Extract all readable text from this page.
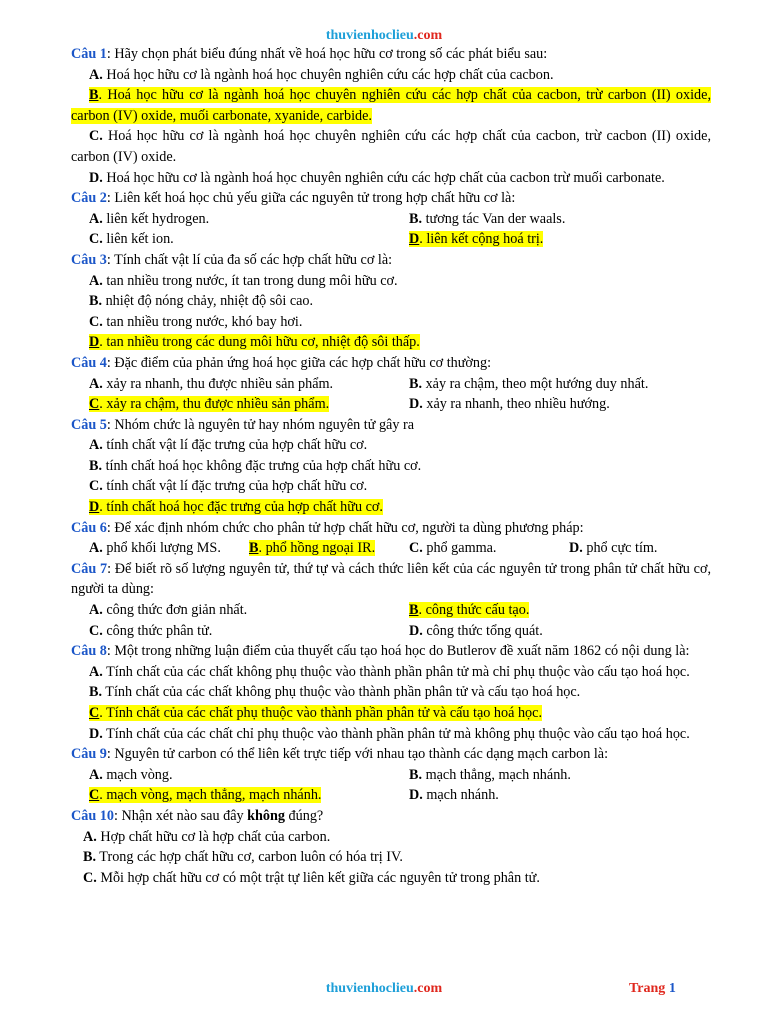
thuvienhoclieu.com

Câu 1: Hãy chọn phát biểu đúng nhất về hoá học hữu cơ trong số các phát biểu sau:

A. Hoá học hữu cơ là ngành hoá học chuyên nghiên cứu các hợp chất của cacbon.

B. Hoá học hữu cơ là ngành hoá học chuyên nghiên cứu các hợp chất của cacbon, trừ carbon (II) oxide, carbon (IV) oxide, muối carbonate, xyanide, carbide.

C. Hoá học hữu cơ là ngành hoá học chuyên nghiên cứu các hợp chất của cacbon, trừ cacbon (II) oxide, carbon (IV) oxide.

D. Hoá học hữu cơ là ngành hoá học chuyên nghiên cứu các hợp chất của cacbon trừ muối carbonate.

Câu 2: Liên kết hoá học chủ yếu giữa các nguyên tử trong hợp chất hữu cơ là:

A. liên kết hydrogen.	B. tương tác Van der waals.
C. liên kết ion.	D. liên kết cộng hoá trị.

Câu 3: Tính chất vật lí của đa số các hợp chất hữu cơ là:

A. tan nhiều trong nước, ít tan trong dung môi hữu cơ.

B. nhiệt độ nóng chảy, nhiệt độ sôi cao.

C. tan nhiều trong nước, khó bay hơi.

D. tan nhiều trong các dung môi hữu cơ, nhiệt độ sôi thấp.

Câu 4: Đặc điểm của phản ứng hoá học giữa các hợp chất hữu cơ thường:

A. xảy ra nhanh, thu được nhiều sản phẩm.	B. xảy ra chậm, theo một hướng duy nhất.
C. xảy ra chậm, thu được nhiều sản phẩm.	D. xảy ra nhanh, theo nhiều hướng.

Câu 5: Nhóm chức là nguyên tử hay nhóm nguyên tử gây ra

A. tính chất vật lí đặc trưng của hợp chất hữu cơ.

B. tính chất hoá học không đặc trưng của hợp chất hữu cơ.

C. tính chất vật lí đặc trưng của hợp chất hữu cơ.

D. tính chất hoá học đặc trưng của hợp chất hữu cơ.

Câu 6: Để xác định nhóm chức cho phân tử hợp chất hữu cơ, người ta dùng phương pháp:

A. phổ khối lượng MS.	B. phổ hồng ngoại IR.	C. phổ gamma.	D. phổ cực tím.

Câu 7: Để biết rõ số lượng nguyên tử, thứ tự và cách thức liên kết của các nguyên tử trong phân tử chất hữu cơ, người ta dùng:

A. công thức đơn giản nhất.	B. công thức cấu tạo.
C. công thức phân tử.	D. công thức tổng quát.

Câu 8: Một trong những luận điểm của thuyết cấu tạo hoá học do Butlerov đề xuất năm 1862 có nội dung là:

A. Tính chất của các chất không phụ thuộc vào thành phần phân tử mà chỉ phụ thuộc vào cấu tạo hoá học.

B. Tính chất của các chất không phụ thuộc vào thành phần phân tử và cấu tạo hoá học.

C. Tính chất của các chất phụ thuộc vào thành phần phân tử và cấu tạo hoá học.

D. Tính chất của các chất chỉ phụ thuộc vào thành phần phân tử mà không phụ thuộc vào cấu tạo hoá học.

Câu 9: Nguyên tử carbon có thể liên kết trực tiếp với nhau tạo thành các dạng mạch carbon là:

A. mạch vòng.	B. mạch thẳng, mạch nhánh.
C. mạch vòng, mạch thẳng, mạch nhánh.	D. mạch nhánh.

Câu 10: Nhận xét nào sau đây không đúng?

A. Hợp chất hữu cơ là hợp chất của carbon.

B. Trong các hợp chất hữu cơ, carbon luôn có hóa trị IV.

C. Mỗi hợp chất hữu cơ có một trật tự liên kết giữa các nguyên tử trong phân tử.

thuvienhoclieu.com	Trang 1
